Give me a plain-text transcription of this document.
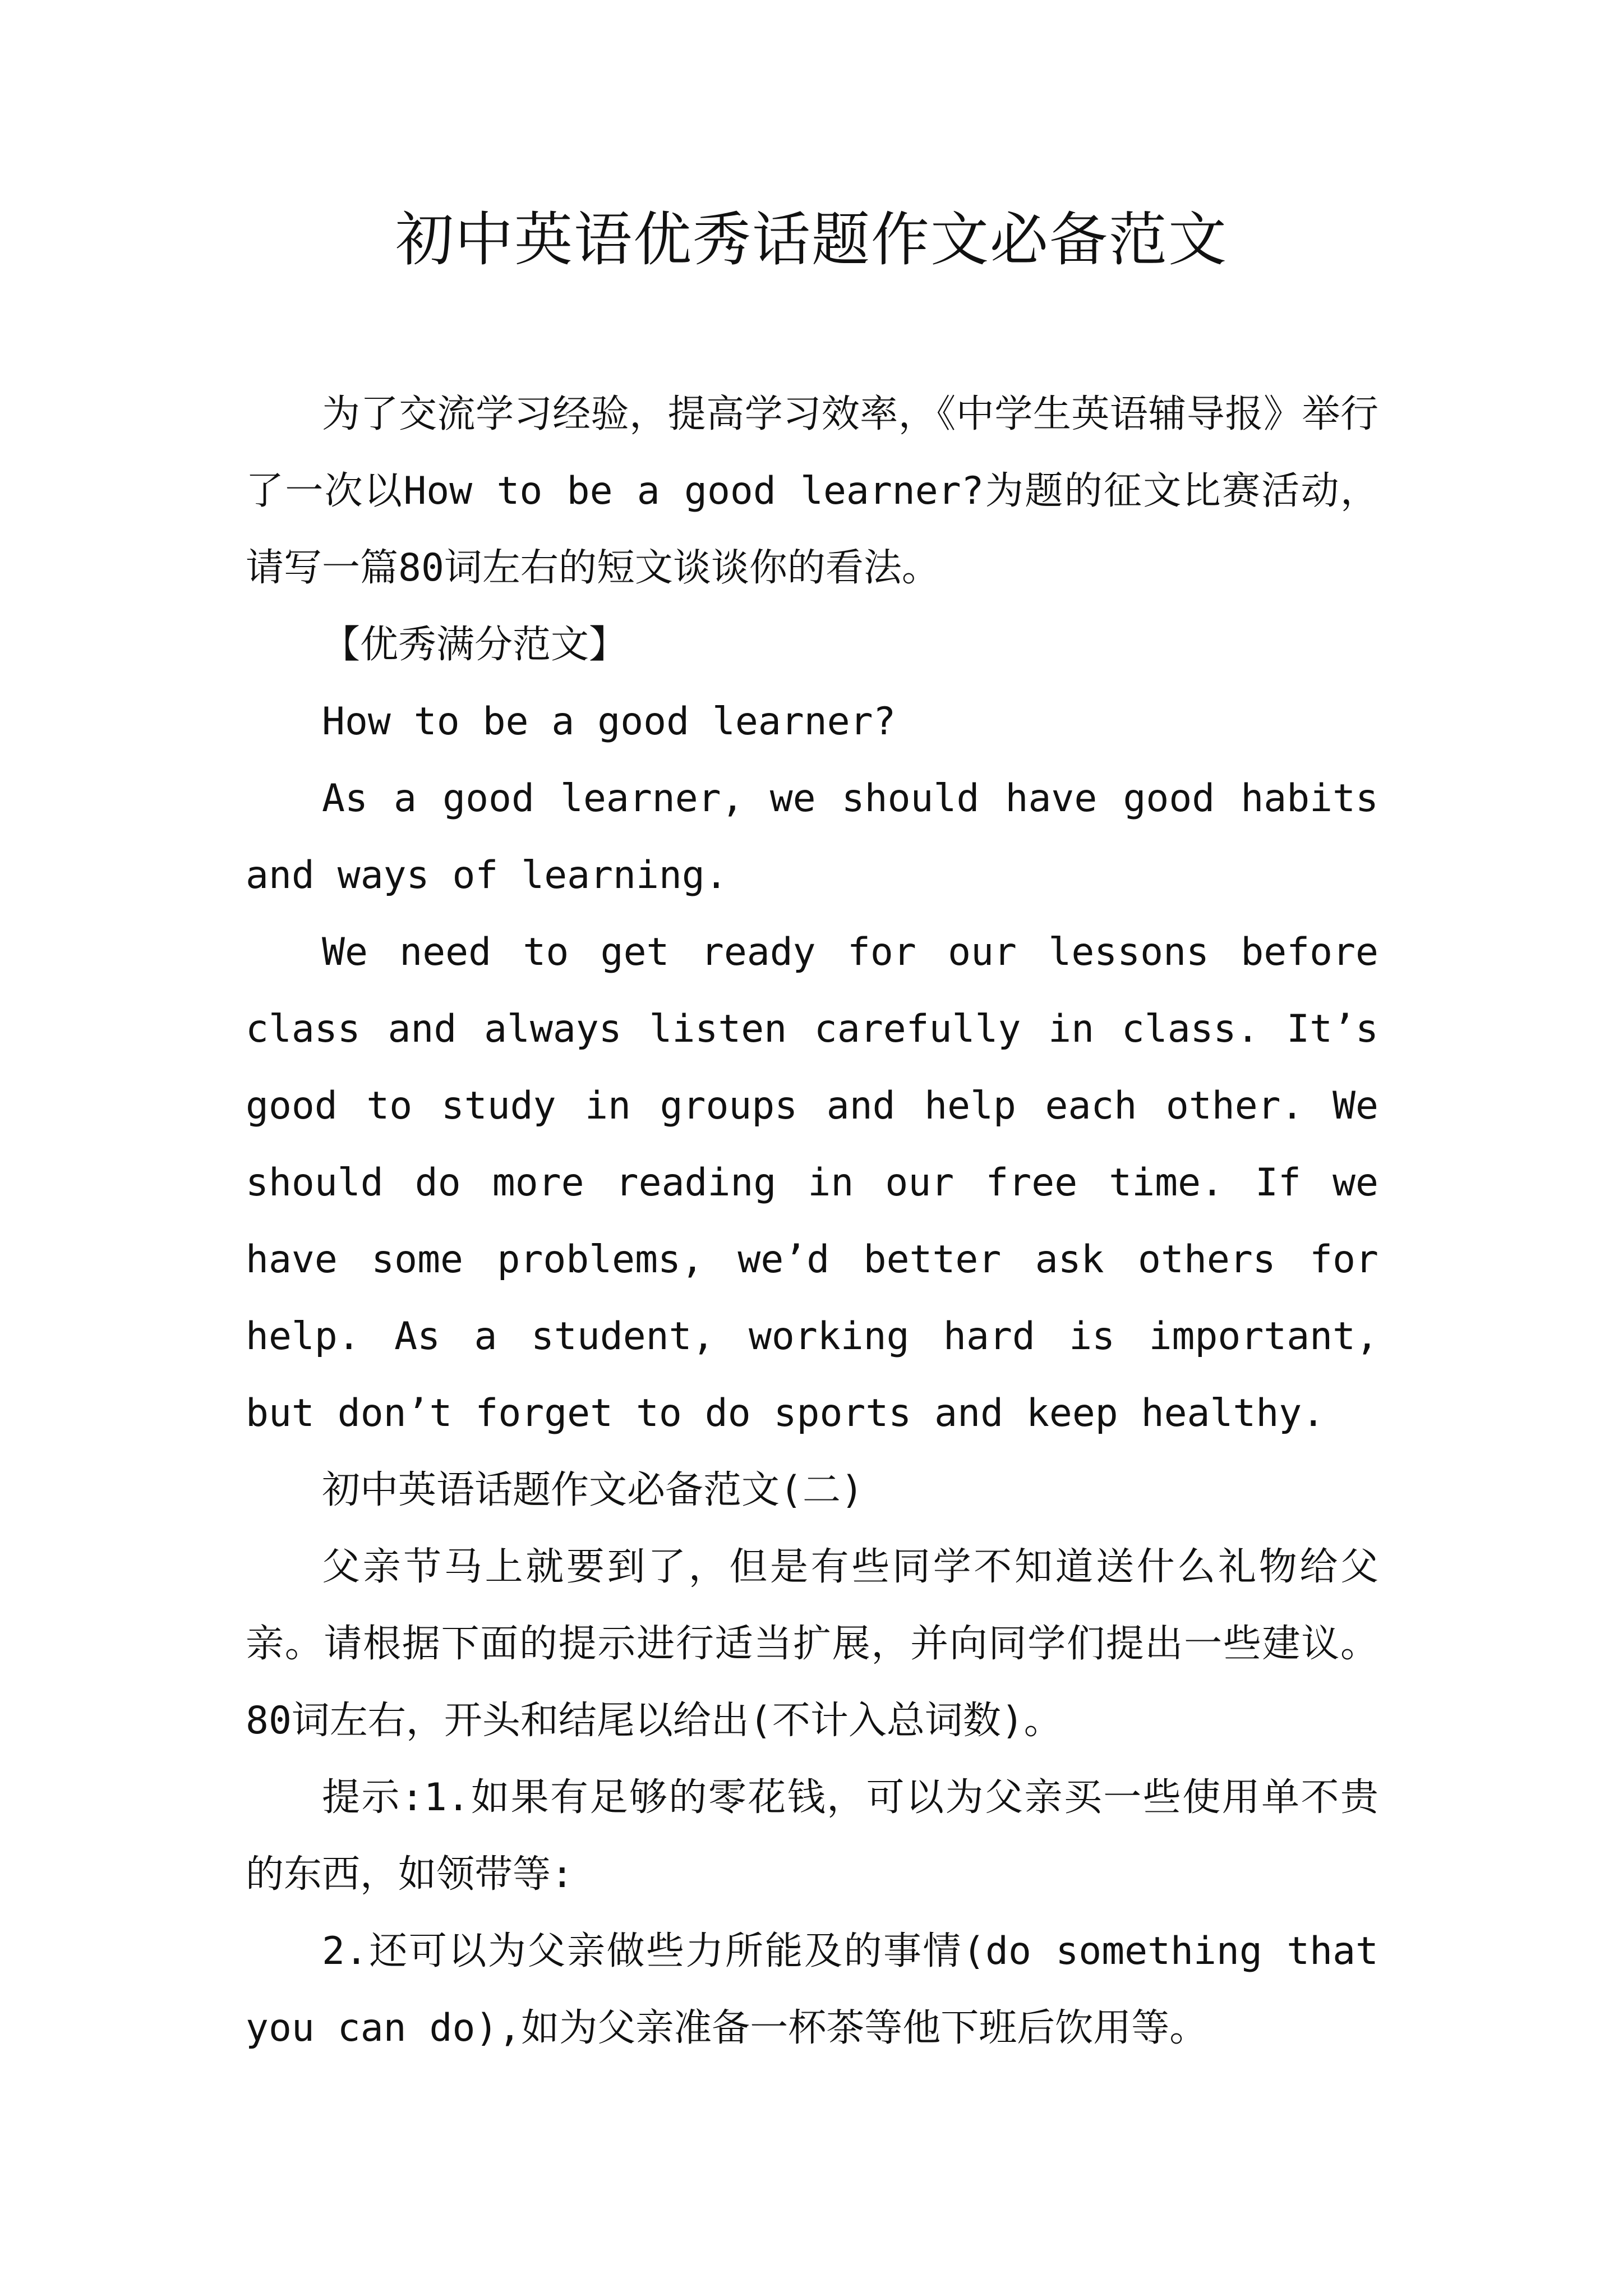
初中英语优秀话题作文必备范文

为了交流学习经验，提高学习效率，《中学生英语辅导报》举行了一次以How to be a good learner?为题的征文比赛活动，请写一篇80词左右的短文谈谈你的看法。

【优秀满分范文】

How to be a good learner?

As a good learner, we should have good habits and ways of learning.

We need to get ready for our lessons before class and always listen carefully in class. It’s good to study in groups and help each other. We should do more reading in our free time. If we have some problems, we’d better ask others for help. As a student, working hard is important, but don’t forget to do sports and keep healthy.

初中英语话题作文必备范文(二)

父亲节马上就要到了，但是有些同学不知道送什么礼物给父亲。请根据下面的提示进行适当扩展，并向同学们提出一些建议。80词左右，开头和结尾以给出(不计入总词数)。

提示:1.如果有足够的零花钱，可以为父亲买一些使用单不贵的东西，如领带等:

2.还可以为父亲做些力所能及的事情(do something that you can do),如为父亲准备一杯茶等他下班后饮用等。
